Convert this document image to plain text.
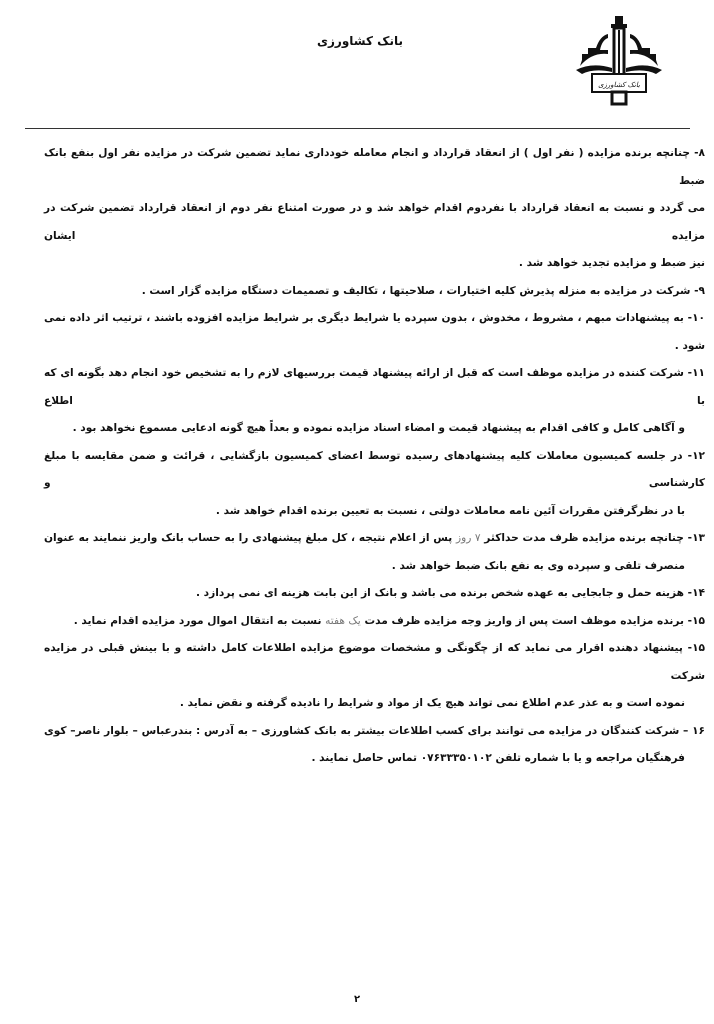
بانک کشاورزی
بانک کشاورزی

۸- چنانچه برنده مزایده ( نفر اول ) از انعقاد قرارداد و انجام معامله خودداری نماید تضمین شرکت در مزایده نفر اول بنفع بانک ضبط

می گردد و نسبت به انعقاد قرارداد با نفردوم اقدام خواهد شد و در صورت امتناع نفر دوم از انعقاد قرارداد تضمین شرکت در مزایده ایشان

نیز ضبط و مزایده تجدید خواهد شد .

۹- شرکت در مزایده به منزله پذیرش کلیه اختیارات ، صلاحیتها ، تکالیف و تصمیمات دستگاه مزایده گزار است .

۱۰- به پیشنهادات مبهم ، مشروط ، مخدوش ، بدون سپرده یا شرایط دیگری بر شرایط مزایده افزوده باشند ، ترتیب اثر داده نمی شود .

۱۱- شرکت کننده در مزایده موظف است که قبل از ارائه پیشنهاد قیمت بررسیهای لازم را به تشخیص خود انجام دهد بگونه ای که با اطلاع

و آگاهی کامل و کافی اقدام به پیشنهاد قیمت و امضاء اسناد مزایده نموده و بعداً هیچ گونه ادعایی مسموع نخواهد بود .

۱۲- در جلسه کمیسیون معاملات کلیه پیشنهادهای رسیده توسط اعضای کمیسیون بازگشایی ، قرائت و ضمن مقایسه با مبلغ کارشناسی و

با در نظرگرفتن مقررات آئین نامه معاملات دولتی ، نسبت به تعیین برنده اقدام خواهد شد .

۱۳- چنانچه برنده مزایده ظرف مدت حداکثر ۷ روز پس از اعلام نتیجه ، کل مبلغ پیشنهادی را به حساب بانک واریز ننمایند به عنوان

منصرف تلقی و سپرده وی به نفع بانک ضبط خواهد شد .

۱۴- هزینه حمل و جابجایی به عهده شخص برنده می باشد و بانک از این بابت هزینه ای نمی پردازد .

۱۵- برنده مزایده موظف است پس از واریز وجه مزایده ظرف مدت یک هفته نسبت به انتقال اموال مورد مزایده اقدام نماید .

۱۵- پیشنهاد دهنده اقرار می نماید که از چگونگی و مشخصات موضوع مزایده اطلاعات کامل داشته و با بینش قبلی در مزایده شرکت

نموده است و به عذر عدم اطلاع نمی تواند هیچ یک از مواد و شرایط را نادیده گرفته و نقض نماید .

۱۶ – شرکت کنندگان در مزایده می توانند برای کسب اطلاعات بیشتر به بانک کشاورزی – به آدرس : بندرعباس – بلوار ناصر– کوی

فرهنگیان مراجعه و یا با شماره تلفن ۰۷۶۳۳۳۵۰۱۰۲ تماس حاصل نمایند .

۲
